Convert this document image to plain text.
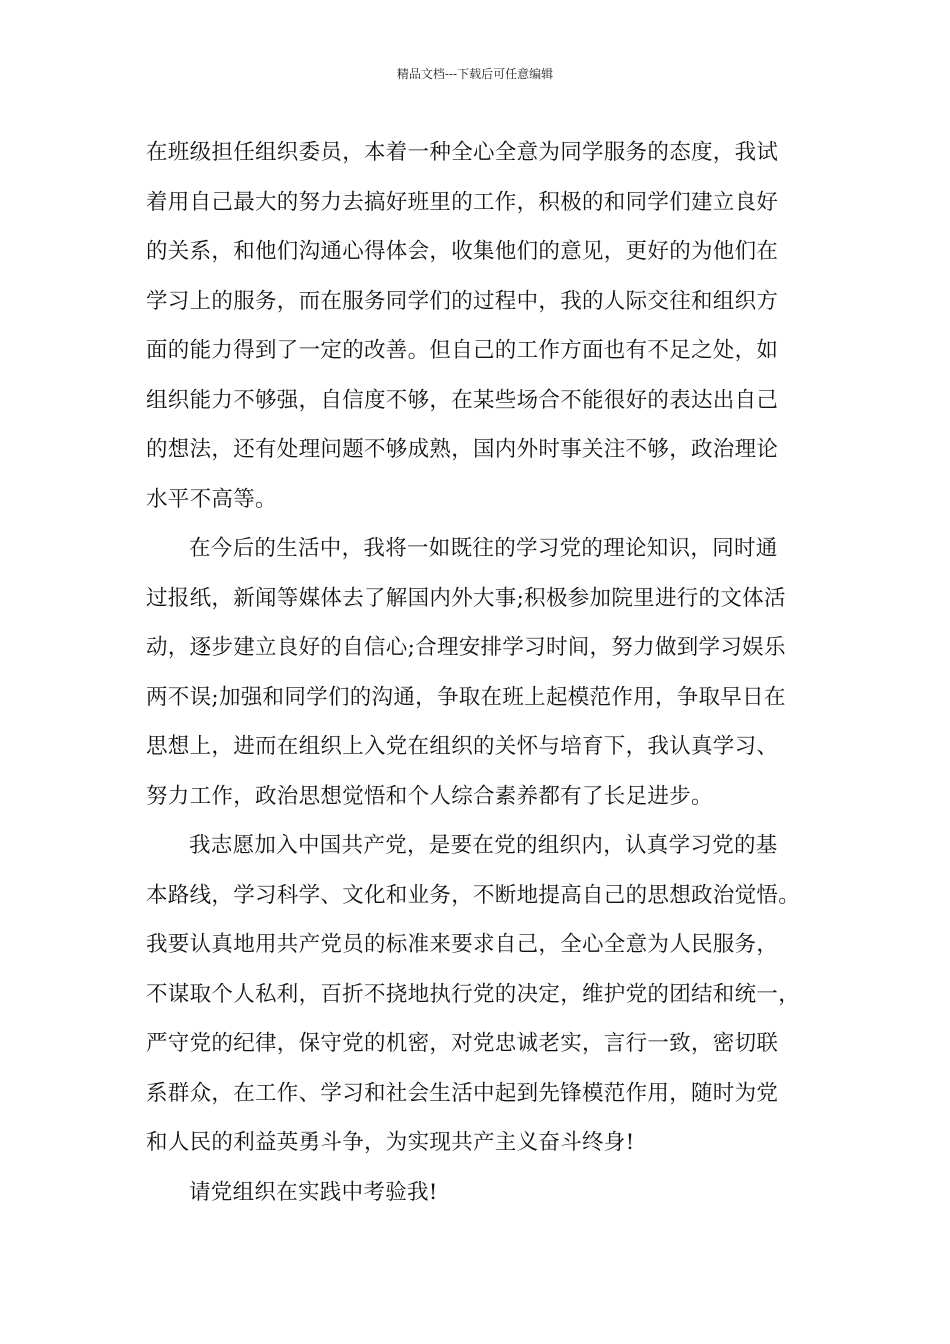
精品文档---下载后可任意编辑
在班级担任组织委员，本着一种全心全意为同学服务的态度，我试
着用自己最大的努力去搞好班里的工作，积极的和同学们建立良好
的关系，和他们沟通心得体会，收集他们的意见，更好的为他们在
学习上的服务，而在服务同学们的过程中，我的人际交往和组织方
面的能力得到了一定的改善。但自己的工作方面也有不足之处，如
组织能力不够强，自信度不够，在某些场合不能很好的表达出自己
的想法，还有处理问题不够成熟，国内外时事关注不够，政治理论
水平不高等。
在今后的生活中，我将一如既往的学习党的理论知识，同时通
过报纸，新闻等媒体去了解国内外大事;积极参加院里进行的文体活
动，逐步建立良好的自信心;合理安排学习时间，努力做到学习娱乐
两不误;加强和同学们的沟通，争取在班上起模范作用，争取早日在
思想上，进而在组织上入党在组织的关怀与培育下，我认真学习、
努力工作，政治思想觉悟和个人综合素养都有了长足进步。
我志愿加入中国共产党，是要在党的组织内，认真学习党的基
本路线，学习科学、文化和业务，不断地提高自己的思想政治觉悟。
我要认真地用共产党员的标准来要求自己，全心全意为人民服务，
不谋取个人私利，百折不挠地执行党的决定，维护党的团结和统一，
严守党的纪律，保守党的机密，对党忠诚老实，言行一致，密切联
系群众，在工作、学习和社会生活中起到先锋模范作用，随时为党
和人民的利益英勇斗争，为实现共产主义奋斗终身!
请党组织在实践中考验我!
